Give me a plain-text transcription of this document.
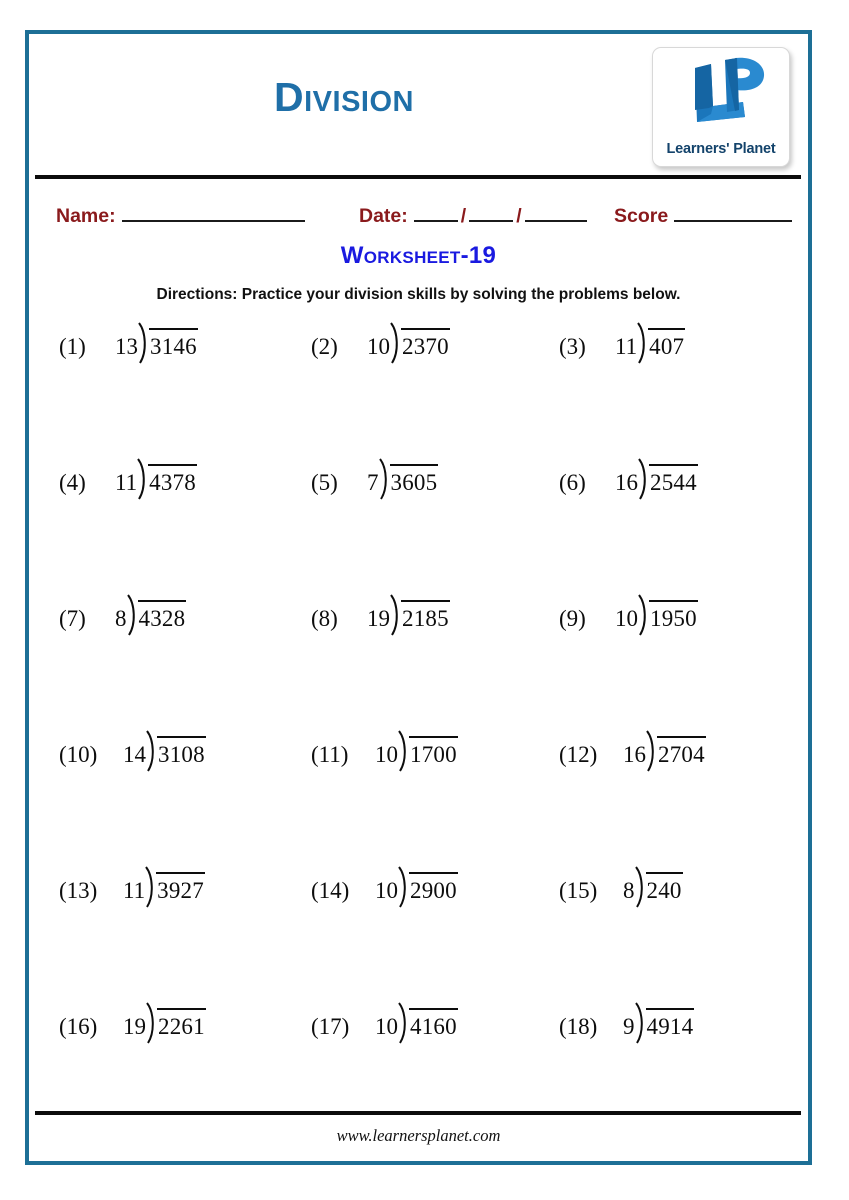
Division
Learners' Planet
Name:	Date:	/	/	Score
Worksheet-19
Directions: Practice your division skills by solving the problems below.
(1)	13 3146	(2)	10 2370	(3)	11 407
(4)	11 4378	(5)	7 3605	(6)	16 2544
(7)	8 4328	(8)	19 2185	(9)	10 1950
(10)	14 3108	(11)	10 1700	(12)	16 2704
(13)	11 3927	(14)	10 2900	(15)	8 240
(16)	19 2261	(17)	10 4160	(18)	9 4914
www.learnersplanet.com
